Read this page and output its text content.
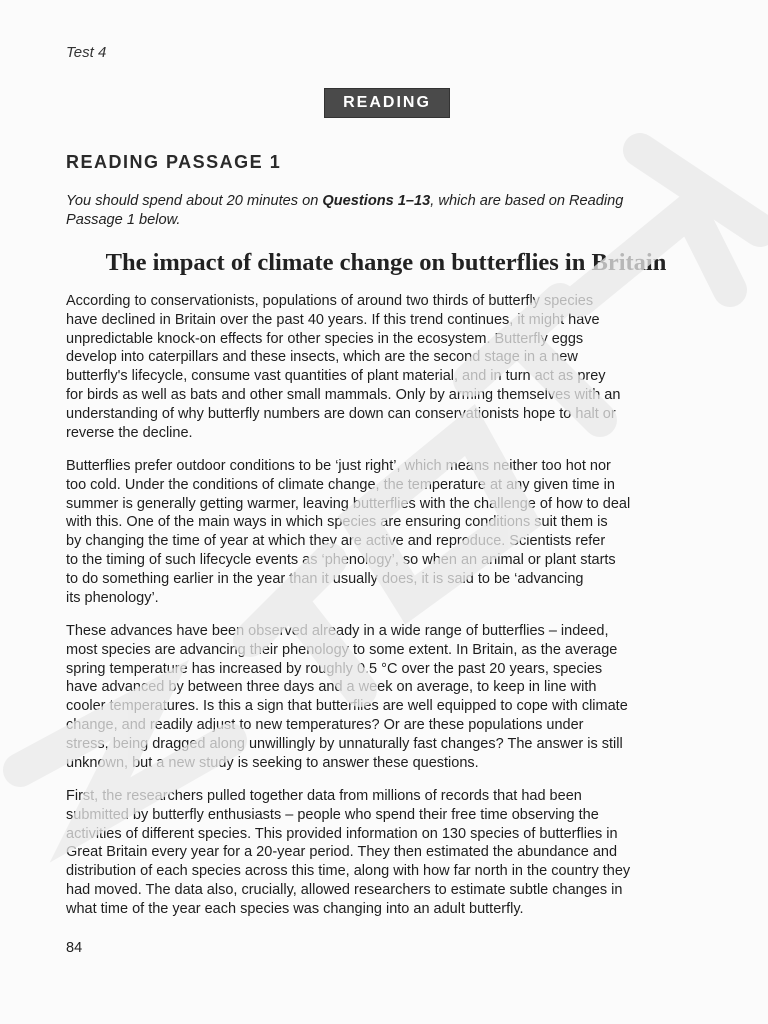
Test 4
READING
READING PASSAGE 1
You should spend about 20 minutes on Questions 1–13, which are based on Reading
Passage 1 below.
The impact of climate change on butterflies in Britain
According to conservationists, populations of around two thirds of butterfly species
have declined in Britain over the past 40 years. If this trend continues, it might have
unpredictable knock-on effects for other species in the ecosystem. Butterfly eggs
develop into caterpillars and these insects, which are the second stage in a new
butterfly's lifecycle, consume vast quantities of plant material, and in turn act as prey
for birds as well as bats and other small mammals. Only by arming themselves with an
understanding of why butterfly numbers are down can conservationists hope to halt or
reverse the decline.
Butterflies prefer outdoor conditions to be ‘just right’, which means neither too hot nor
too cold. Under the conditions of climate change, the temperature at any given time in
summer is generally getting warmer, leaving butterflies with the challenge of how to deal
with this. One of the main ways in which species are ensuring conditions suit them is
by changing the time of year at which they are active and reproduce. Scientists refer
to the timing of such lifecycle events as ‘phenology’, so when an animal or plant starts
to do something earlier in the year than it usually does, it is said to be ‘advancing
its phenology’.
These advances have been observed already in a wide range of butterflies – indeed,
most species are advancing their phenology to some extent. In Britain, as the average
spring temperature has increased by roughly 0.5 °C over the past 20 years, species
have advanced by between three days and a week on average, to keep in line with
cooler temperatures. Is this a sign that butterflies are well equipped to cope with climate
change, and readily adjust to new temperatures? Or are these populations under
stress, being dragged along unwillingly by unnaturally fast changes? The answer is still
unknown, but a new study is seeking to answer these questions.
First, the researchers pulled together data from millions of records that had been
submitted by butterfly enthusiasts – people who spend their free time observing the
activities of different species. This provided information on 130 species of butterflies in
Great Britain every year for a 20-year period. They then estimated the abundance and
distribution of each species across this time, along with how far north in the country they
had moved. The data also, crucially, allowed researchers to estimate subtle changes in
what time of the year each species was changing into an adult butterfly.
84
